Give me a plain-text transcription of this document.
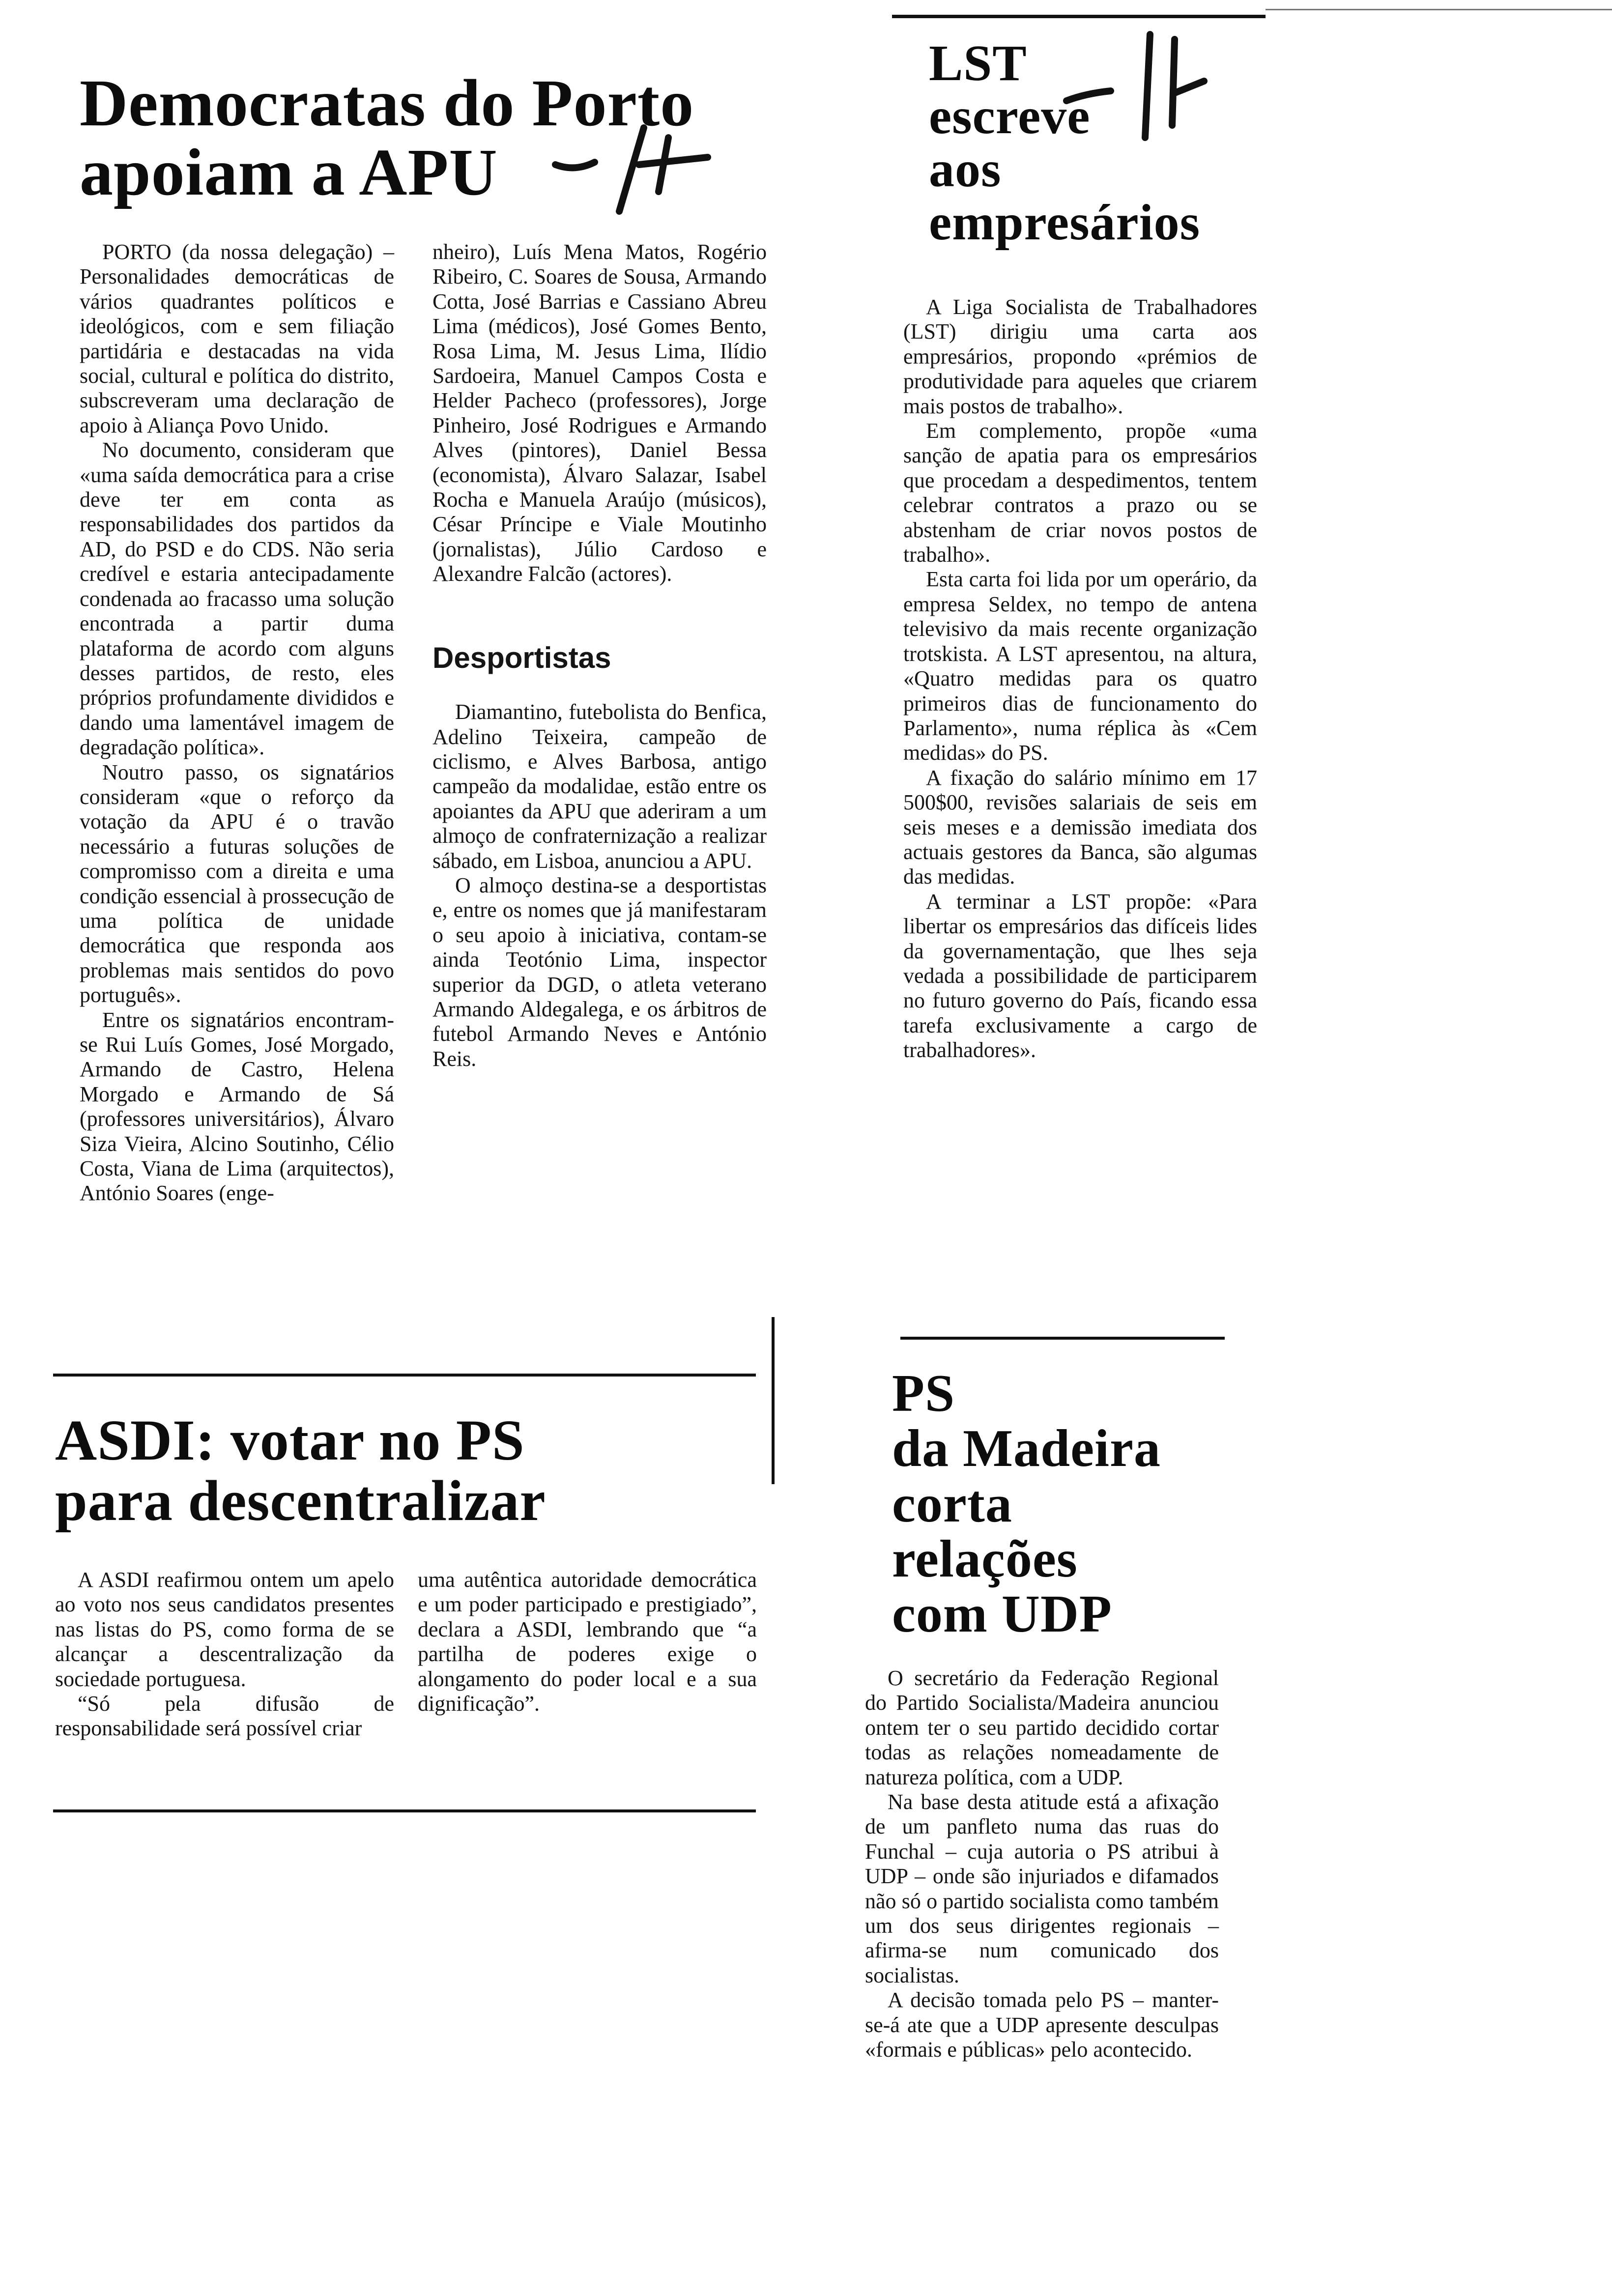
Democratas do Porto
apoiam a APU

PORTO (da nossa delegação) – Personalidades democráticas de vários quadrantes políticos e ideológicos, com e sem filiação partidária e destacadas na vida social, cultural e política do distrito, subscreveram uma declaração de apoio à Aliança Povo Unido.

No documento, consideram que «uma saída democrática para a crise deve ter em conta as responsabilidades dos partidos da AD, do PSD e do CDS. Não seria credível e estaria antecipadamente condenada ao fracasso uma solução encontrada a partir duma plataforma de acordo com alguns desses partidos, de resto, eles próprios profundamente divididos e dando uma lamentável imagem de degradação política».

Noutro passo, os signatários consideram «que o reforço da votação da APU é o travão necessário a futuras soluções de compromisso com a direita e uma condição essencial à prossecução de uma política de unidade democrática que responda aos problemas mais sentidos do povo português».

Entre os signatários encontram-se Rui Luís Gomes, José Morgado, Armando de Castro, Helena Morgado e Armando de Sá (professores universitários), Álvaro Siza Vieira, Alcino Soutinho, Célio Costa, Viana de Lima (arquitectos), António Soares (enge-

nheiro), Luís Mena Matos, Rogério Ribeiro, C. Soares de Sousa, Armando Cotta, José Barrias e Cassiano Abreu Lima (médicos), José Gomes Bento, Rosa Lima, M. Jesus Lima, Ilídio Sardoeira, Manuel Campos Costa e Helder Pacheco (professores), Jorge Pinheiro, José Rodrigues e Armando Alves (pintores), Daniel Bessa (economista), Álvaro Salazar, Isabel Rocha e Manuela Araújo (músicos), César Príncipe e Viale Moutinho (jornalistas), Júlio Cardoso e Alexandre Falcão (actores).

Desportistas

Diamantino, futebolista do Benfica, Adelino Teixeira, campeão de ciclismo, e Alves Barbosa, antigo campeão da modalidae, estão entre os apoiantes da APU que aderiram a um almoço de confraternização a realizar sábado, em Lisboa, anunciou a APU.

O almoço destina-se a desportistas e, entre os nomes que já manifestaram o seu apoio à iniciativa, contam-se ainda Teotónio Lima, inspector superior da DGD, o atleta veterano Armando Aldegalega, e os árbitros de futebol Armando Neves e António Reis.

ASDI: votar no PS
para descentralizar

A ASDI reafirmou ontem um apelo ao voto nos seus candidatos presentes nas listas do PS, como forma de se alcançar a descentralização da sociedade portuguesa.

“Só pela difusão de responsabilidade será possível criar

uma autêntica autoridade democrática e um poder participado e prestigiado”, declara a ASDI, lembrando que “a partilha de poderes exige o alongamento do poder local e a sua dignificação”.

LST
escreve
aos
empresários

A Liga Socialista de Trabalhadores (LST) dirigiu uma carta aos empresários, propondo «prémios de produtividade para aqueles que criarem mais postos de trabalho».

Em complemento, propõe «uma sanção de apatia para os empresários que procedam a despedimentos, tentem celebrar contratos a prazo ou se abstenham de criar novos postos de trabalho».

Esta carta foi lida por um operário, da empresa Seldex, no tempo de antena televisivo da mais recente organização trotskista. A LST apresentou, na altura, «Quatro medidas para os quatro primeiros dias de funcionamento do Parlamento», numa réplica às «Cem medidas» do PS.

A fixação do salário mínimo em 17 500$00, revisões salariais de seis em seis meses e a demissão imediata dos actuais gestores da Banca, são algumas das medidas.

A terminar a LST propõe: «Para libertar os empresários das difíceis lides da governamentação, que lhes seja vedada a possibilidade de participarem no futuro governo do País, ficando essa tarefa exclusivamente a cargo de trabalhadores».

PS
da Madeira
corta
relações
com UDP

O secretário da Federação Regional do Partido Socialista/Madeira anunciou ontem ter o seu partido decidido cortar todas as relações nomeadamente de natureza política, com a UDP.

Na base desta atitude está a afixação de um panfleto numa das ruas do Funchal – cuja autoria o PS atribui à UDP – onde são injuriados e difamados não só o partido socialista como também um dos seus dirigentes regionais – afirma-se num comunicado dos socialistas.

A decisão tomada pelo PS – manter-se-á ate que a UDP apresente desculpas «formais e públicas» pelo acontecido.
